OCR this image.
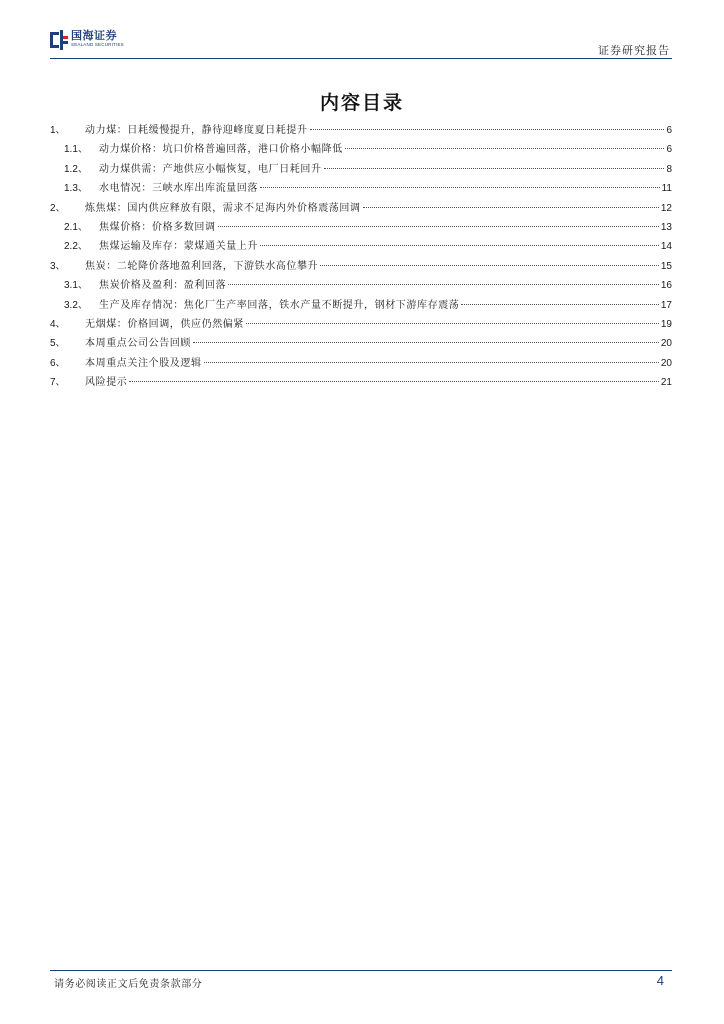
国海证券
SEALAND SECURITIES	证券研究报告
内容目录
1、	动力煤：日耗缓慢提升，静待迎峰度夏日耗提升	6
1.1、	动力煤价格：坑口价格普遍回落，港口价格小幅降低	6
1.2、	动力煤供需：产地供应小幅恢复，电厂日耗回升	8
1.3、	水电情况：三峡水库出库流量回落	11
2、	炼焦煤：国内供应释放有限，需求不足海内外价格震荡回调	12
2.1、	焦煤价格：价格多数回调	13
2.2、	焦煤运输及库存：蒙煤通关量上升	14
3、	焦炭：二轮降价落地盈利回落，下游铁水高位攀升	15
3.1、	焦炭价格及盈利：盈利回落	16
3.2、	生产及库存情况：焦化厂生产率回落，铁水产量不断提升，钢材下游库存震荡	17
4、	无烟煤：价格回调，供应仍然偏紧	19
5、	本周重点公司公告回顾	20
6、	本周重点关注个股及逻辑	20
7、	风险提示	21
请务必阅读正文后免责条款部分	4
